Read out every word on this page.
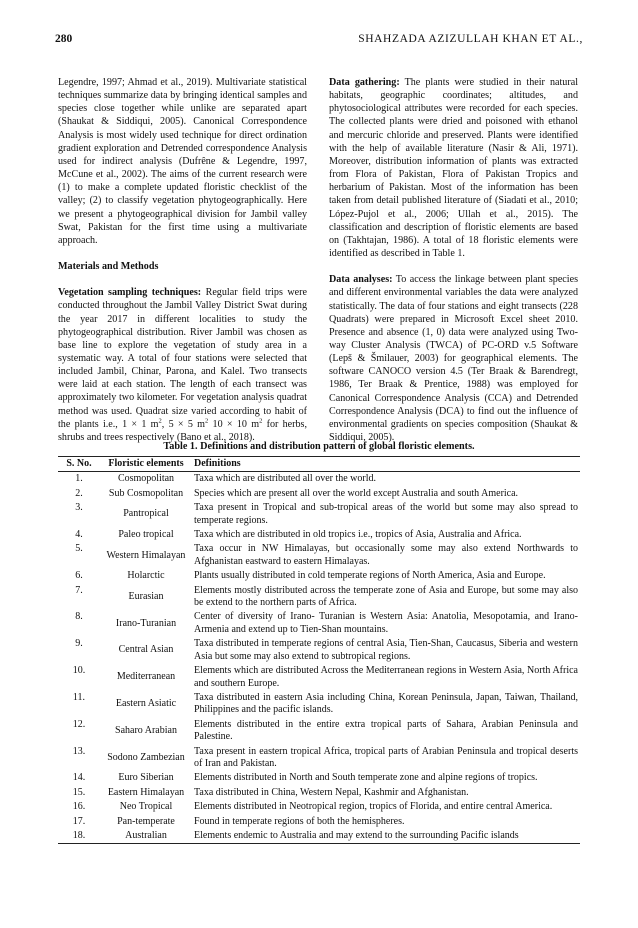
280	SHAHZADA AZIZULLAH KHAN ET AL.,

Legendre, 1997; Ahmad et al., 2019). Multivariate statistical techniques summarize data by bringing identical samples and species close together while unlike are separated apart (Shaukat & Siddiqui, 2005). Canonical Correspondence Analysis is most widely used technique for direct ordination gradient exploration and Detrended correspondence Analysis used for indirect analysis (Dufrêne & Legendre, 1997, McCune et al., 2002). The aims of the current research were (1) to make a complete updated floristic checklist of the valley; (2) to classify vegetation phytogeographically. Here we present a phytogeographical division for Jambil valley Swat, Pakistan for the first time using a multivariate approach.

Materials and Methods

Vegetation sampling techniques: Regular field trips were conducted throughout the Jambil Valley District Swat during the year 2017 in different localities to study the phytogeographical distribution. River Jambil was chosen as base line to explore the vegetation of study area in a systematic way. A total of four stations were selected that included Jambil, Chinar, Parona, and Kalel. Two transects were laid at each station. The length of each transect was approximately two kilometer. For vegetation analysis quadrat method was used. Quadrat size varied according to habit of the plants i.e., 1 × 1 $m^2$, 5 × 5 $m^2$ 10 × 10 $m^2$ for herbs, shrubs and trees respectively (Bano et al., 2018).

Data gathering: The plants were studied in their natural habitats, geographic coordinates; altitudes, and phytosociological attributes were recorded for each species. The collected plants were dried and poisoned with ethanol and mercuric chloride and preserved. Plants were identified with the help of available literature (Nasir & Ali, 1971). Moreover, distribution information of plants was extracted from Flora of Pakistan, Flora of Pakistan Tropics and herbarium of Pakistan. Most of the information has been taken from detail published literature of (Siadati et al., 2010; López-Pujol et al., 2006; Ullah et al., 2015). The classification and description of floristic elements are based on (Takhtajan, 1986). A total of 18 floristic elements were identified as described in Table 1.

Data analyses: To access the linkage between plant species and different environmental variables the data were analyzed statistically. The data of four stations and eight transects (228 Quadrats) were prepared in Microsoft Excel sheet 2010. Presence and absence (1, 0) data were analyzed using Two-way Cluster Analysis (TWCA) of PC-ORD v.5 Software (Lepš & Šmilauer, 2003) for geographical elements. The software CANOCO version 4.5 (Ter Braak & Barendregt, 1986, Ter Braak & Prentice, 1988) was employed for Canonical Correspondence Analysis (CCA) and Detrended Correspondence Analysis (DCA) to find out the influence of environmental gradients on species composition (Shaukat & Siddiqui, 2005).

Table 1. Definitions and distribution pattern of global floristic elements.
S. No.	Floristic elements	Definitions
1.	Cosmopolitan	Taxa which are distributed all over the world.
2.	Sub Cosmopolitan	Species which are present all over the world except Australia and south America.
3.	Pantropical	Taxa present in Tropical and sub-tropical areas of the world but some may also spread to temperate regions.
4.	Paleo tropical	Taxa which are distributed in old tropics i.e., tropics of Asia, Australia and Africa.
5.	Western Himalayan	Taxa occur in NW Himalayas, but occasionally some may also extend Northwards to Afghanistan eastward to eastern Himalayas.
6.	Holarctic	Plants usually distributed in cold temperate regions of North America, Asia and Europe.
7.	Eurasian	Elements mostly distributed across the temperate zone of Asia and Europe, but some may also be extend to the northern parts of Africa.
8.	Irano-Turanian	Center of diversity of Irano- Turanian is Western Asia: Anatolia, Mesopotamia, and Irano-Armenia and extend up to Tien-Shan mountains.
9.	Central Asian	Taxa distributed in temperate regions of central Asia, Tien-Shan, Caucasus, Siberia and western Asia but some may also extend to subtropical regions.
10.	Mediterranean	Elements which are distributed Across the Mediterranean regions in Western Asia, North Africa and southern Europe.
11.	Eastern Asiatic	Taxa distributed in eastern Asia including China, Korean Peninsula, Japan, Taiwan, Thailand, Philippines and the pacific islands.
12.	Saharo Arabian	Elements distributed in the entire extra tropical parts of Sahara, Arabian Peninsula and Palestine.
13.	Sodono Zambezian	Taxa present in eastern tropical Africa, tropical parts of Arabian Peninsula and tropical deserts of Iran and Pakistan.
14.	Euro Siberian	Elements distributed in North and South temperate zone and alpine regions of tropics.
15.	Eastern Himalayan	Taxa distributed in China, Western Nepal, Kashmir and Afghanistan.
16.	Neo Tropical	Elements distributed in Neotropical region, tropics of Florida, and entire central America.
17.	Pan-temperate	Found in temperate regions of both the hemispheres.
18.	Australian	Elements endemic to Australia and may extend to the surrounding Pacific islands
